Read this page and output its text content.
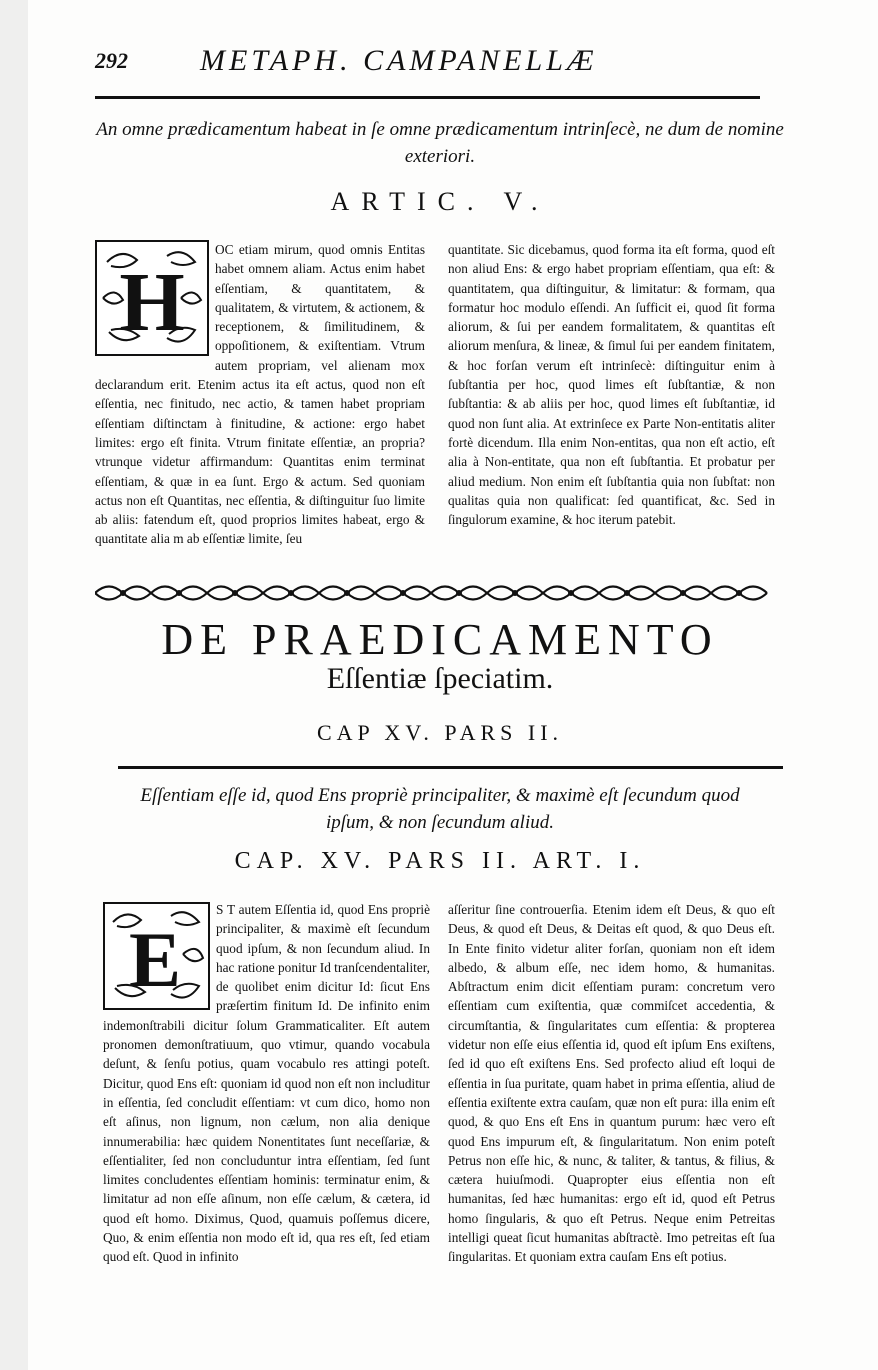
292 METAPH. CAMPANELLÆ
An omne prædicamentum habeat in ſe omne prædicamentum intrinſecè, ne dum de nomine exteriori.
ARTIC. V.
H

OC etiam mirum, quod omnis Entitas habet omnem aliam. Actus enim habet eſſentiam, & quantitatem, & qualitatem, & virtutem, & actionem, & receptionem, & ſimilitudinem, & oppoſitionem, & exiſtentiam. Vtrum autem propriam, vel alienam mox declarandum erit. Etenim actus ita eſt actus, quod non eſt eſſentia, nec finitudo, nec actio, & tamen habet propriam eſſentiam diſtinctam à finitudine, & actione: ergo habet limites: ergo eſt finita. Vtrum finitate eſſentiæ, an propria? vtrunque videtur affirmandum: Quantitas enim terminat eſſentiam, & quæ in ea ſunt. Ergo & actum. Sed quoniam actus non eſt Quantitas, nec eſſentia, & diſtinguitur ſuo limite ab aliis: fatendum eſt, quod proprios limites habeat, ergo & quantitate alia m ab eſſentiæ limite, ſeu

quantitate. Sic dicebamus, quod forma ita eſt forma, quod eſt non aliud Ens: & ergo habet propriam eſſentiam, qua eſt: & quantitatem, qua diſtinguitur, & limitatur: & formam, qua formatur hoc modulo eſſendi. An ſufficit ei, quod ſit forma aliorum, & ſui per eandem formalitatem, & quantitas eſt aliorum menſura, & lineæ, & ſimul ſui per eandem finitatem, & hoc forſan verum eſt intrinſecè: diſtinguitur enim à ſubſtantia per hoc, quod limes eſt ſubſtantiæ, & non ſubſtantia: & ab aliis per hoc, quod limes eſt ſubſtantiæ, id quod non ſunt alia. At extrinſece ex Parte Non-entitatis aliter fortè dicendum. Illa enim Non-entitas, qua non eſt actio, eſt alia à Non-entitate, qua non eſt ſubſtantia. Et probatur per aliud medium. Non enim eſt ſubſtantia quia non ſubſtat: non qualitas quia non qualificat: ſed quantificat, &c. Sed in ſingulorum examine, & hoc iterum patebit.

DE PRAEDICAMENTO
Eſſentiæ ſpeciatim.
CAP XV. PARS II.
Eſſentiam eſſe id, quod Ens propriè principaliter, & maximè eſt ſecundum quod ipſum, & non ſecundum aliud.
CAP. XV. PARS II. ART. I.
E

S T autem Eſſentia id, quod Ens propriè principaliter, & maximè eſt ſecundum quod ipſum, & non ſecundum aliud. In hac ratione ponitur Id tranſcendentaliter, de quolibet enim dicitur Id: ſicut Ens præſertim finitum Id. De infinito enim indemonſtrabili dicitur ſolum Grammaticaliter. Eſt autem pronomen demonſtratiuum, quo vtimur, quando vocabula deſunt, & ſenſu potius, quam vocabulo res attingi poteſt. Dicitur, quod Ens eſt: quoniam id quod non eſt non includitur in eſſentia, ſed concludit eſſentiam: vt cum dico, homo non eſt aſinus, non lignum, non cælum, non alia denique innumerabilia: hæc quidem Nonentitates ſunt neceſſariæ, & eſſentialiter, ſed non concluduntur intra eſſentiam, ſed ſunt limites concludentes eſſentiam hominis: terminatur enim, & limitatur ad non eſſe aſinum, non eſſe cælum, & cætera, id quod eſt homo. Diximus, Quod, quamuis poſſemus dicere, Quo, & enim eſſentia non modo eſt id, qua res eſt, ſed etiam quod eſt. Quod in infinito

aſſeritur ſine controuerſia. Etenim idem eſt Deus, & quo eſt Deus, & quod eſt Deus, & Deitas eſt quod, & quo Deus eſt. In Ente finito videtur aliter forſan, quoniam non eſt idem albedo, & album eſſe, nec idem homo, & humanitas. Abſtractum enim dicit eſſentiam puram: concretum vero eſſentiam cum exiſtentia, quæ commiſcet accedentia, & circumſtantia, & ſingularitates cum eſſentia: & propterea videtur non eſſe eius eſſentia id, quod eſt ipſum Ens exiſtens, ſed id quo eſt exiſtens Ens. Sed profecto aliud eſt loqui de eſſentia in ſua puritate, quam habet in prima eſſentia, aliud de eſſentia exiſtente extra cauſam, quæ non eſt pura: illa enim eſt quod, & quo Ens eſt Ens in quantum purum: hæc vero eſt quod Ens impurum eſt, & ſingularitatum. Non enim poteſt Petrus non eſſe hic, & nunc, & taliter, & tantus, & filius, & cætera huiuſmodi. Quapropter eius eſſentia non eſt humanitas, ſed hæc humanitas: ergo eſt id, quod eſt Petrus homo ſingularis, & quo eſt Petrus. Neque enim Petreitas intelligi queat ſicut humanitas abſtractè. Imo petreitas eſt ſua ſingularitas. Et quoniam extra cauſam Ens eſt potius.
